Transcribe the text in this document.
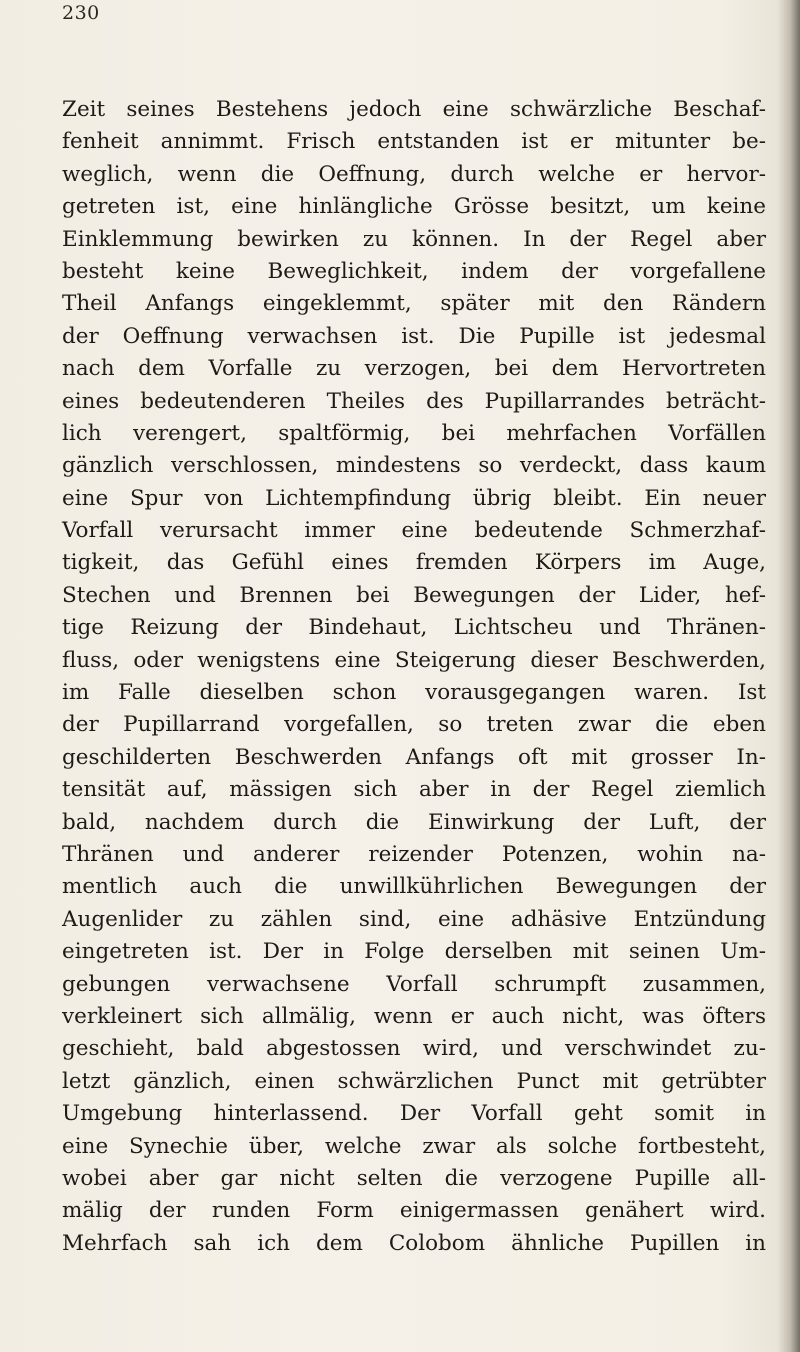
230
Zeit seines Bestehens jedoch eine schwärzliche Beschaf-
fenheit annimmt. Frisch entstanden ist er mitunter be-
weglich, wenn die Oeffnung, durch welche er hervor-
getreten ist, eine hinlängliche Grösse besitzt, um keine
Einklemmung bewirken zu können. In der Regel aber
besteht keine Beweglichkeit, indem der vorgefallene
Theil Anfangs eingeklemmt, später mit den Rändern
der Oeffnung verwachsen ist. Die Pupille ist jedesmal
nach dem Vorfalle zu verzogen, bei dem Hervortreten
eines bedeutenderen Theiles des Pupillarrandes beträcht-
lich verengert, spaltförmig, bei mehrfachen Vorfällen
gänzlich verschlossen, mindestens so verdeckt, dass kaum
eine Spur von Lichtempfindung übrig bleibt. Ein neuer
Vorfall verursacht immer eine bedeutende Schmerzhaf-
tigkeit, das Gefühl eines fremden Körpers im Auge,
Stechen und Brennen bei Bewegungen der Lider, hef-
tige Reizung der Bindehaut, Lichtscheu und Thränen-
fluss, oder wenigstens eine Steigerung dieser Beschwerden,
im Falle dieselben schon vorausgegangen waren. Ist
der Pupillarrand vorgefallen, so treten zwar die eben
geschilderten Beschwerden Anfangs oft mit grosser In-
tensität auf, mässigen sich aber in der Regel ziemlich
bald, nachdem durch die Einwirkung der Luft, der
Thränen und anderer reizender Potenzen, wohin na-
mentlich auch die unwillkührlichen Bewegungen der
Augenlider zu zählen sind, eine adhäsive Entzündung
eingetreten ist. Der in Folge derselben mit seinen Um-
gebungen verwachsene Vorfall schrumpft zusammen,
verkleinert sich allmälig, wenn er auch nicht, was öfters
geschieht, bald abgestossen wird, und verschwindet zu-
letzt gänzlich, einen schwärzlichen Punct mit getrübter
Umgebung hinterlassend. Der Vorfall geht somit in
eine Synechie über, welche zwar als solche fortbesteht,
wobei aber gar nicht selten die verzogene Pupille all-
mälig der runden Form einigermassen genähert wird.
Mehrfach sah ich dem Colobom ähnliche Pupillen in
